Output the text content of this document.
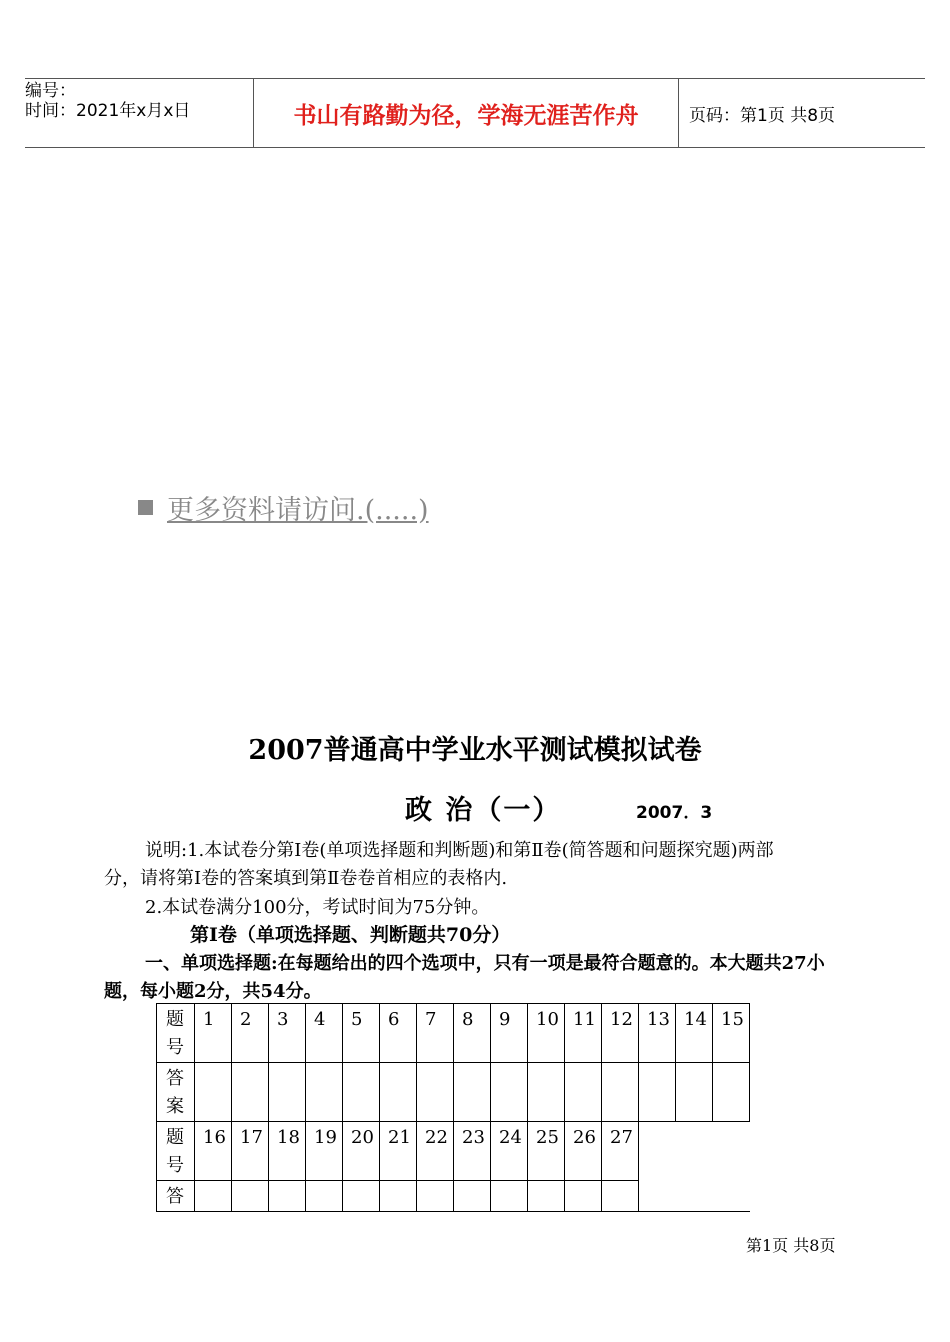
编号：
时间：2021年x月x日	书山有路勤为径，学海无涯苦作舟	页码：第1页 共8页
更多资料请访问.(.....)
2007普通高中学业水平测试模拟试卷
政 治（一）	2007．3
说明:1.本试卷分第Ⅰ卷(单项选择题和判断题)和第Ⅱ卷(简答题和问题探究题)两部
分，请将第Ⅰ卷的答案填到第Ⅱ卷卷首相应的表格内.
2.本试卷满分100分，考试时间为75分钟。
第Ⅰ卷（单项选择题、判断题共70分）
一、单项选择题:在每题给出的四个选项中，只有一项是最符合题意的。本大题共27小
题，每小题2分，共54分。
题号	1	2	3	4	5	6	7	8	9	10	11	12	13	14	15
答案															
题号	16	17	18	19	20	21	22	23	24	25	26	27			
答															
第1页 共8页
